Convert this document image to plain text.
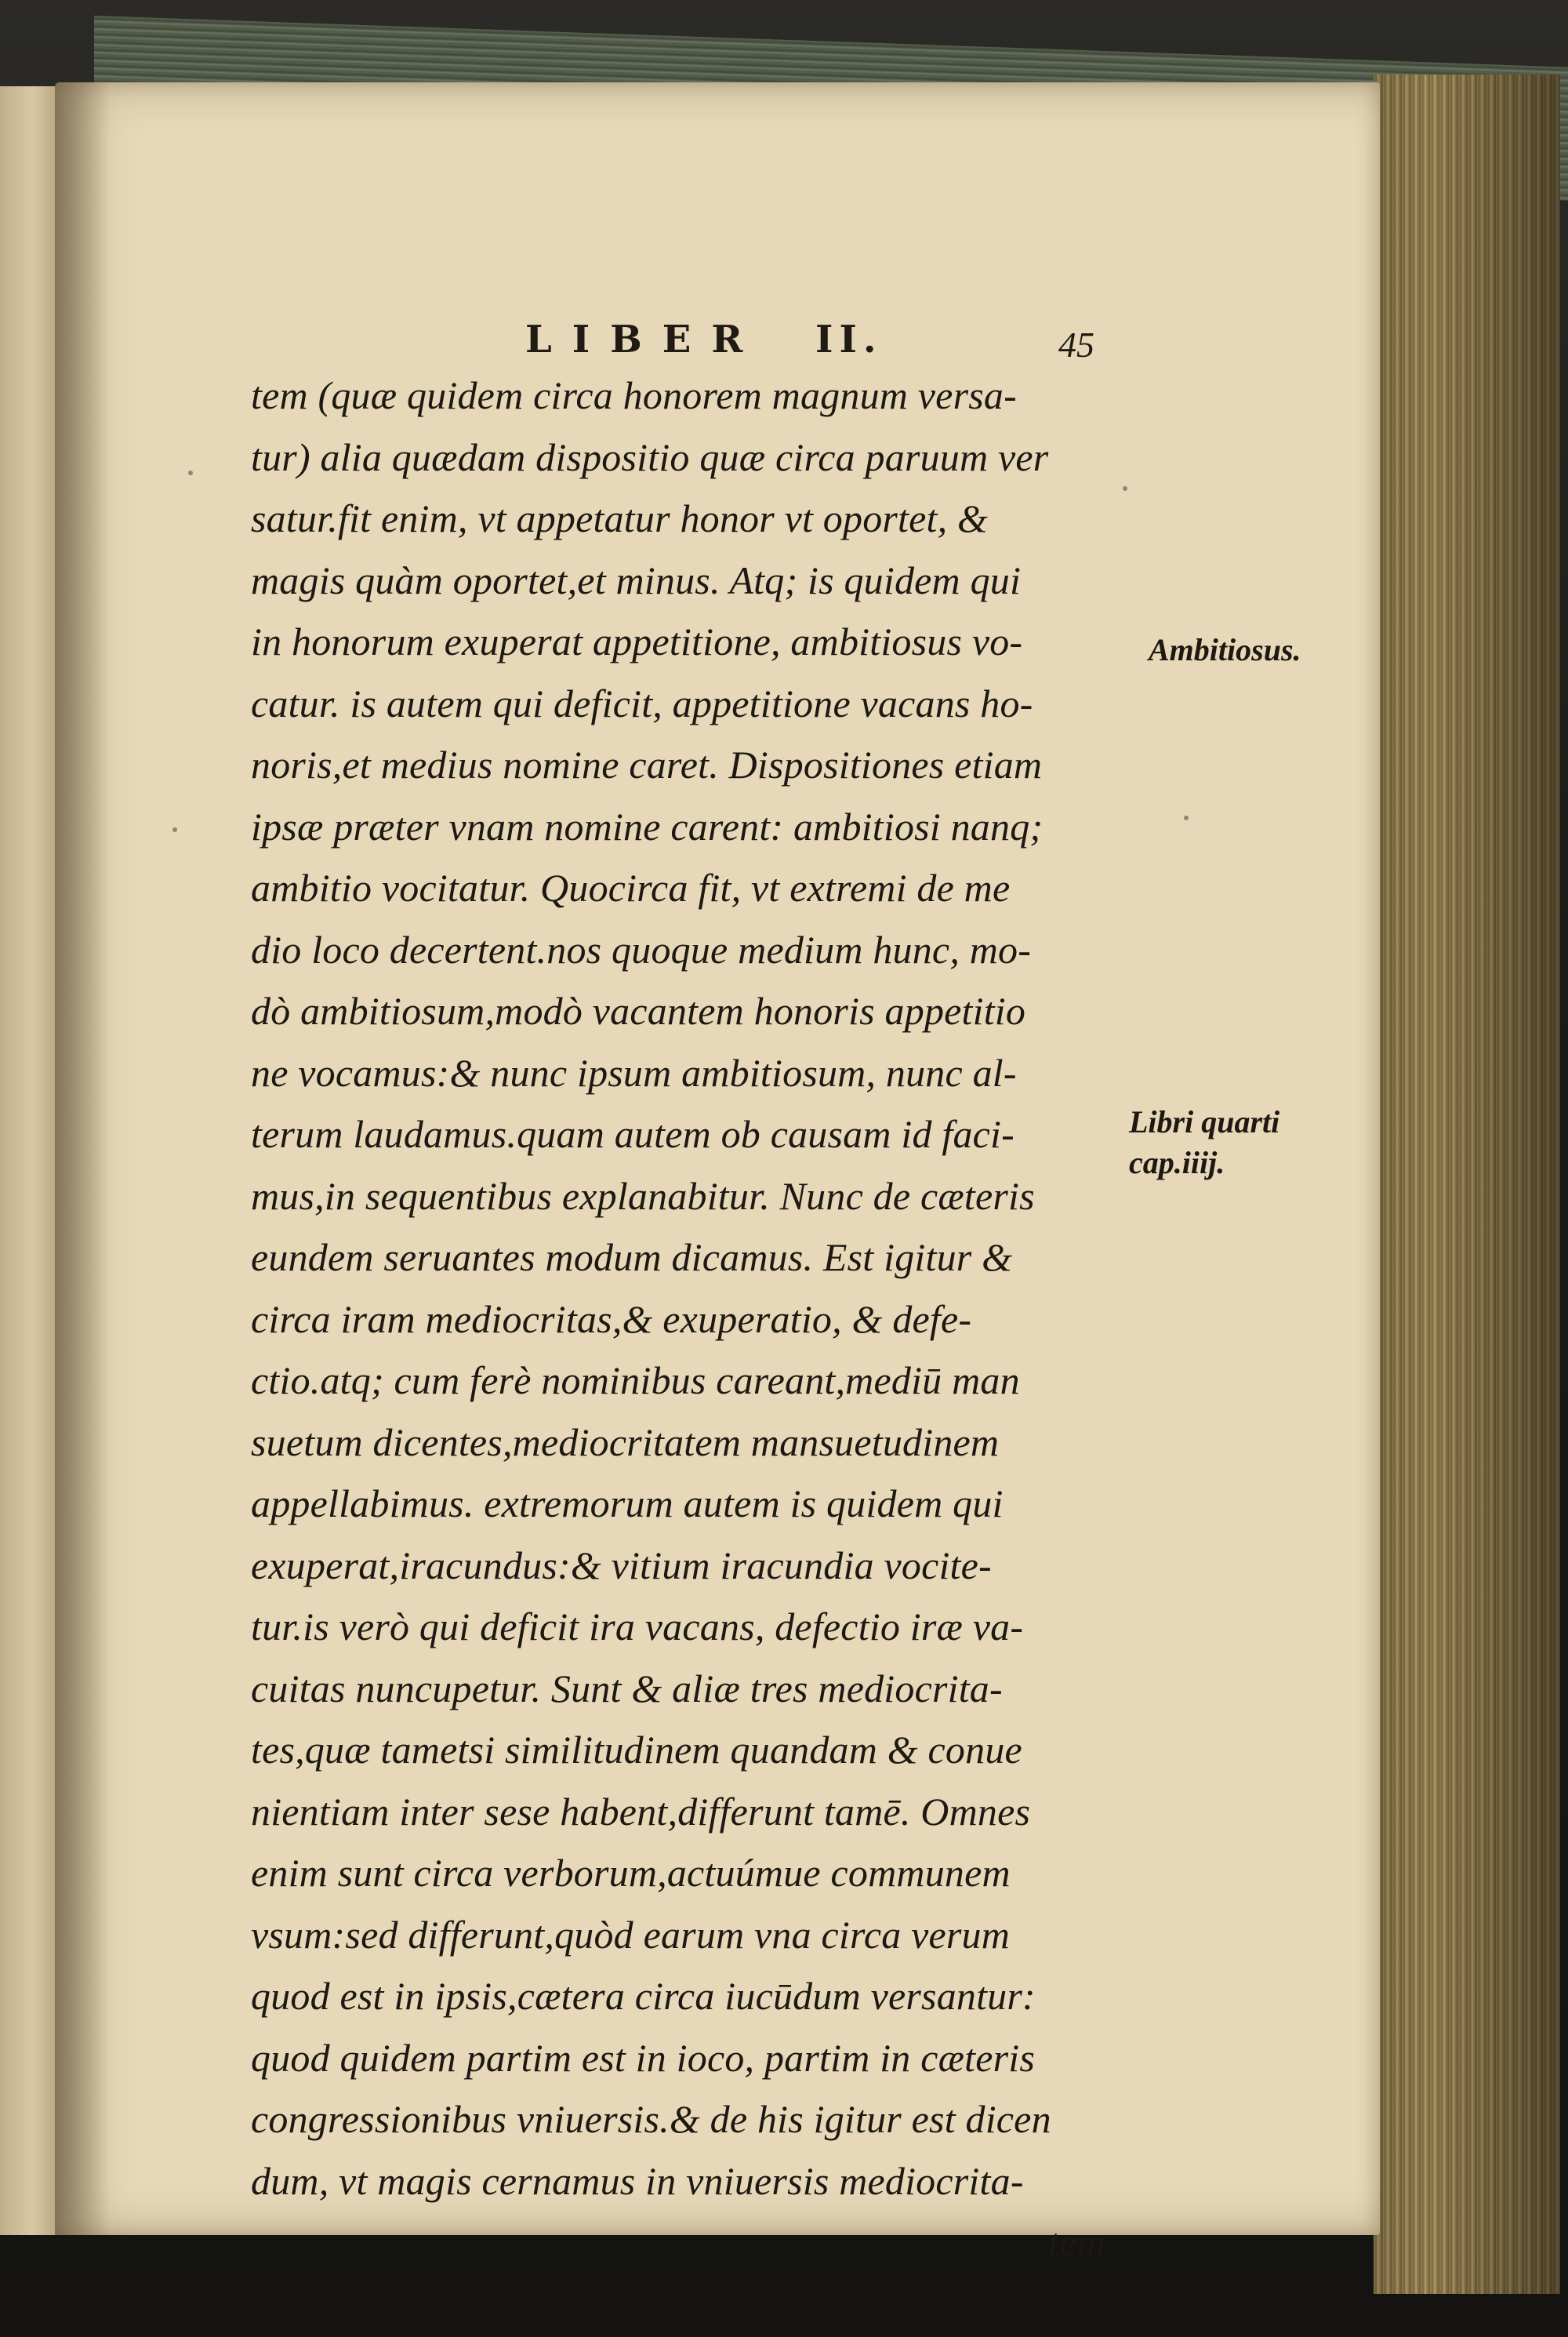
LIBER II.	45
tem (quæ quidem circa honorem magnum versa-
tur) alia quædam dispositio quæ circa paruum ver
satur.fit enim, vt appetatur honor vt oportet, &
magis quàm oportet,et minus. Atq; is quidem qui
in honorum exuperat appetitione, ambitiosus vo-
catur. is autem qui deficit, appetitione vacans ho-
noris,et medius nomine caret. Dispositiones etiam
ipsæ præter vnam nomine carent: ambitiosi nanq;
ambitio vocitatur. Quocirca fit, vt extremi de me
dio loco decertent.nos quoque medium hunc, mo-
dò ambitiosum,modò vacantem honoris appetitio
ne vocamus:& nunc ipsum ambitiosum, nunc al-
terum laudamus.quam autem ob causam id faci-
mus,in sequentibus explanabitur. Nunc de cæteris
eundem seruantes modum dicamus. Est igitur &
circa iram mediocritas,& exuperatio, & defe-
ctio.atq; cum ferè nominibus careant,mediū man
suetum dicentes,mediocritatem mansuetudinem
appellabimus. extremorum autem is quidem qui
exuperat,iracundus:& vitium iracundia vocite-
tur.is verò qui deficit ira vacans, defectio iræ va-
cuitas nuncupetur. Sunt & aliæ tres mediocrita-
tes,quæ tametsi similitudinem quandam & conue
nientiam inter sese habent,differunt tamē. Omnes
enim sunt circa verborum,actuúmue communem
vsum:sed differunt,quòd earum vna circa verum
quod est in ipsis,cætera circa iucūdum versantur:
quod quidem partim est in ioco, partim in cæteris
congressionibus vniuersis.& de his igitur est dicen
dum, vt magis cernamus in vniuersis mediocrita-
tem
Ambitiosus.
Libri quarti
cap.iiij.
